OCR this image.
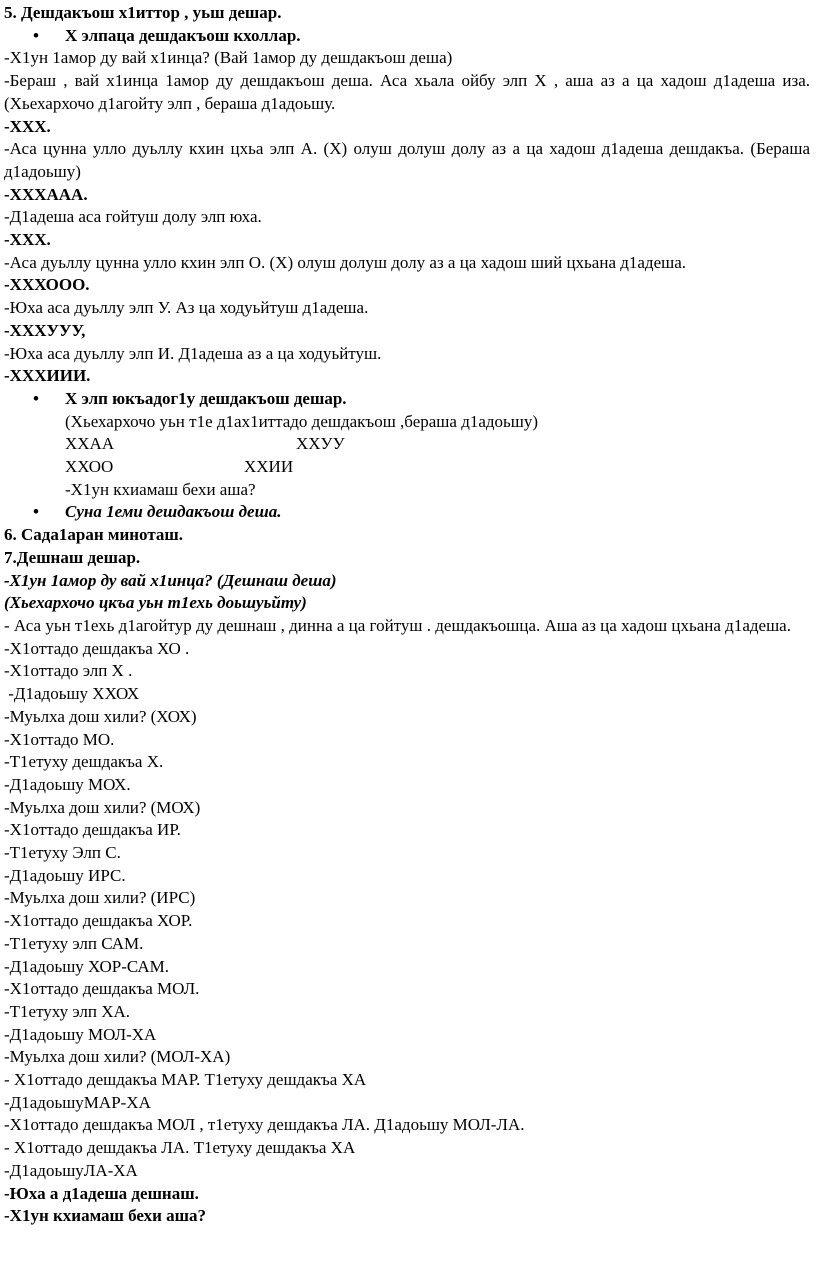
5. Дешдакъош х1иттор , уьш дешар.

• Х элпаца дешдакъош кхоллар.

-Х1ун 1амор ду вай х1инца? (Вай 1амор ду дешдакъош деша)

-Бераш , вай х1инца 1амор ду дешдакъош деша. Аса хьала ойбу элп Х , аша аз а ца хадош д1адеша иза. (Хьехархочо д1агойту элп , бераша д1адоьшу.

-ХХХ.

-Аса цунна улло дуьллу кхин цхьа элп А. (Х) олуш долуш долу аз а ца хадош д1адеша дешдакъа. (Бераша д1адоьшу)

-ХХХААА.

-Д1адеша аса гойтуш долу элп юха.

-ХХХ.

-Аса дуьллу цунна улло кхин элп О. (Х) олуш долуш долу аз а ца хадош ший цхьана д1адеша.

-ХХХООО.

-Юха аса дуьллу элп У. Аз ца ходуьйтуш д1адеша.

-ХХХУУУ,

-Юха аса дуьллу элп И. Д1адеша аз а ца ходуьйтуш.

-ХХХИИИ.

• Х элп юкъадог1у дешдакъош дешар.

(Хьехархочо уьн т1е д1ах1иттадо дешдакъош ,бераша д1адоьшу)

ХХАА	ХХУУ

ХХОО	ХХИИ

-Х1ун кхиамаш бехи аша?

• Суна 1еми дешдакъош деша.

6. Сада1аран миноташ.

7.Дешнаш дешар.

-Х1ун 1амор ду вай х1инца? (Дешнаш деша)

(Хьехархочо цкъа уьн т1ехь доьшуьйту)

- Аса уьн т1ехь д1агойтур ду дешнаш , динна а ца гойтуш . дешдакъошца. Аша аз ца хадош цхьана д1адеша.

-Х1оттадо дешдакъа ХО .

-Х1оттадо элп Х .

-Д1адоьшу ХХОХ

-Муьлха дош хили? (ХОХ)

-Х1оттадо МО.

-Т1етуху дешдакъа Х.

-Д1адоьшу МОХ.

-Муьлха дош хили? (МОХ)

-Х1оттадо дешдакъа ИР.

-Т1етуху Элп С.

-Д1адоьшу ИРС.

-Муьлха дош хили? (ИРС)

-Х1оттадо дешдакъа ХОР.

-Т1етуху элп САМ.

-Д1адоьшу ХОР-САМ.

-Х1оттадо дешдакъа МОЛ.

-Т1етуху элп ХА.

-Д1адоьшу МОЛ-ХА

-Муьлха дош хили? (МОЛ-ХА)

- Х1оттадо дешдакъа МАР. Т1етуху дешдакъа ХА

-Д1адоьшуМАР-ХА

-Х1оттадо дешдакъа МОЛ , т1етуху дешдакъа ЛА. Д1адоьшу МОЛ-ЛА.

- Х1оттадо дешдакъа ЛА. Т1етуху дешдакъа ХА

-Д1адоьшуЛА-ХА

-Юха а д1адеша дешнаш.

-Х1ун кхиамаш бехи аша?
